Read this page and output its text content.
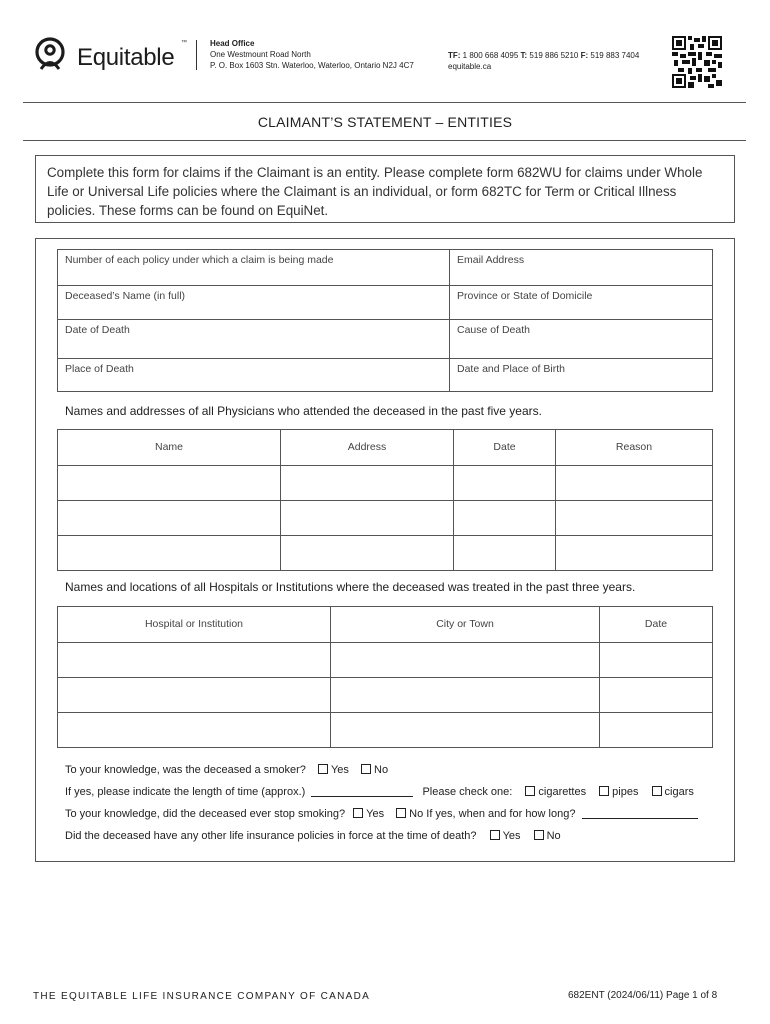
Equitable
™	Head Office
One Westmount Road North
P. O. Box 1603 Stn. Waterloo, Waterloo, Ontario N2J 4C7
TF: 1 800 668 4095 T: 519 886 5210 F: 519 883 7404
equitable.ca
CLAIMANT’S STATEMENT – ENTITIES
Complete this form for claims if the Claimant is an entity. Please complete form 682WU for claims under Whole Life or Universal Life policies where the Claimant is an individual, or form 682TC for Term or Critical Illness policies. These forms can be found on EquiNet.
Number of each policy under which a claim is being made	Email Address
Deceased’s Name (in full)	Province or State of Domicile
Date of Death	Cause of Death
Place of Death	Date and Place of Birth
Names and addresses of all Physicians who attended the deceased in the past five years.
Name	Address	Date	Reason

Names and locations of all Hospitals or Institutions where the deceased was treated in the past three years.
Hospital or Institution	City or Town	Date

To your knowledge, was the deceased a smoker? Yes No
If yes, please indicate the length of time (approx.)	Please check one: cigarettes pipes cigars
To your knowledge, did the deceased ever stop smoking? Yes No If yes, when and for how long?
Did the deceased have any other life insurance policies in force at the time of death? Yes No
THE EQUITABLE LIFE INSURANCE COMPANY OF CANADA	682ENT (2024/06/11) Page 1 of 8
